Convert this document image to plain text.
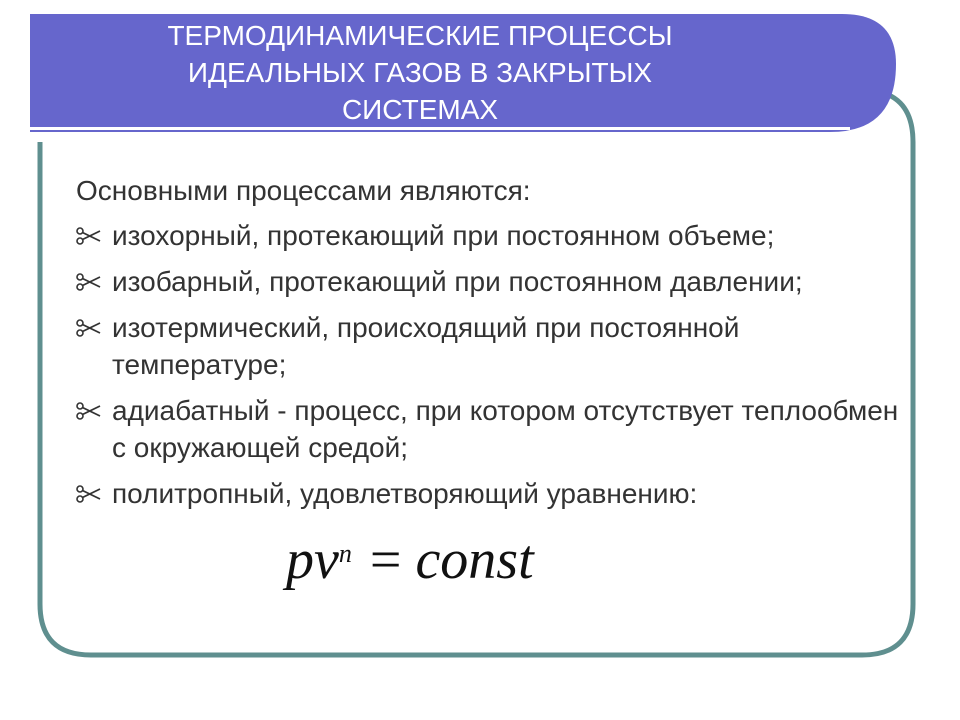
ТЕРМОДИНАМИЧЕСКИЕ ПРОЦЕССЫ
ИДЕАЛЬНЫХ ГАЗОВ В ЗАКРЫТЫХ
СИСТЕМАХ
Основными процессами являются:
изохорный, протекающий при постоянном объеме;
изобарный, протекающий при постоянном давлении;
изотермический, происходящий при постоянной температуре;
адиабатный - процесс, при котором отсутствует теплообмен с окружающей средой;
политропный, удовлетворяющий уравнению:
$pv^n$ = const
